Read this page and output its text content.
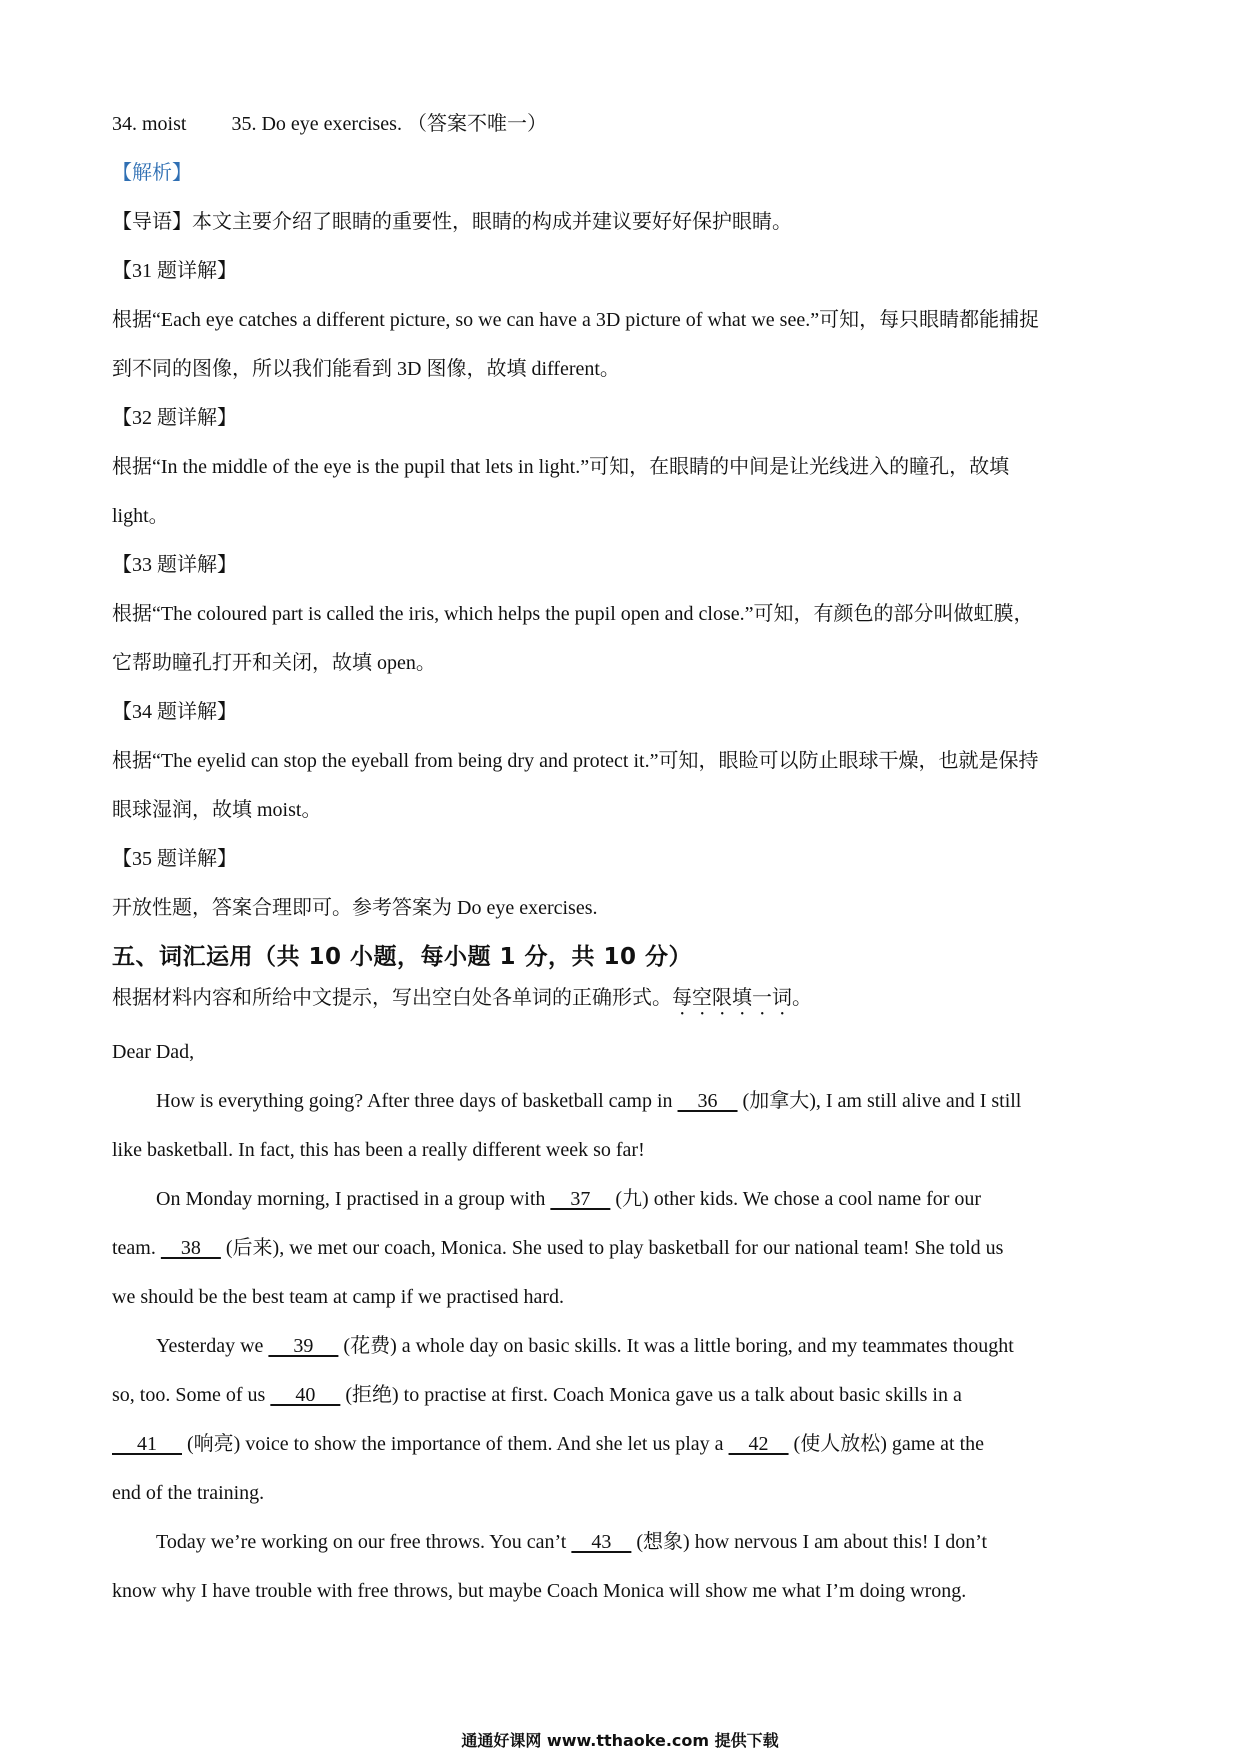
34. moist 35. Do eye exercises. （答案不唯一）
【解析】
【导语】本文主要介绍了眼睛的重要性，眼睛的构成并建议要好好保护眼睛。
【31 题详解】
根据“Each eye catches a different picture, so we can have a 3D picture of what we see.”可知，每只眼睛都能捕捉
到不同的图像，所以我们能看到 3D 图像，故填 different。
【32 题详解】
根据“In the middle of the eye is the pupil that lets in light.”可知，在眼睛的中间是让光线进入的瞳孔，故填
light。
【33 题详解】
根据“The coloured part is called the iris, which helps the pupil open and close.”可知，有颜色的部分叫做虹膜，
它帮助瞳孔打开和关闭，故填 open。
【34 题详解】
根据“The eyelid can stop the eyeball from being dry and protect it.”可知，眼睑可以防止眼球干燥，也就是保持
眼球湿润，故填 moist。
【35 题详解】
开放性题，答案合理即可。参考答案为 Do eye exercises.
五、词汇运用（共 10 小题，每小题 1 分，共 10 分）
根据材料内容和所给中文提示，写出空白处各单词的正确形式。每空限填一词。
Dear Dad,
How is everything going? After three days of basketball camp in     36     (加拿大), I am still alive and I still
like basketball. In fact, this has been a really different week so far!
On Monday morning, I practised in a group with     37     (九) other kids. We chose a cool name for our
team.     38     (后来), we met our coach, Monica. She used to play basketball for our national team! She told us
we should be the best team at camp if we practised hard.
Yesterday we      39      (花费) a whole day on basic skills. It was a little boring, and my teammates thought
so, too. Some of us      40      (拒绝) to practise at first. Coach Monica gave us a talk about basic skills in a
41      (响亮) voice to show the importance of them. And she let us play a     42     (使人放松) game at the
end of the training.
Today we’re working on our free throws. You can’t     43     (想象) how nervous I am about this! I don’t
know why I have trouble with free throws, but maybe Coach Monica will show me what I’m doing wrong.
通通好课网 www.tthaoke.com 提供下载
